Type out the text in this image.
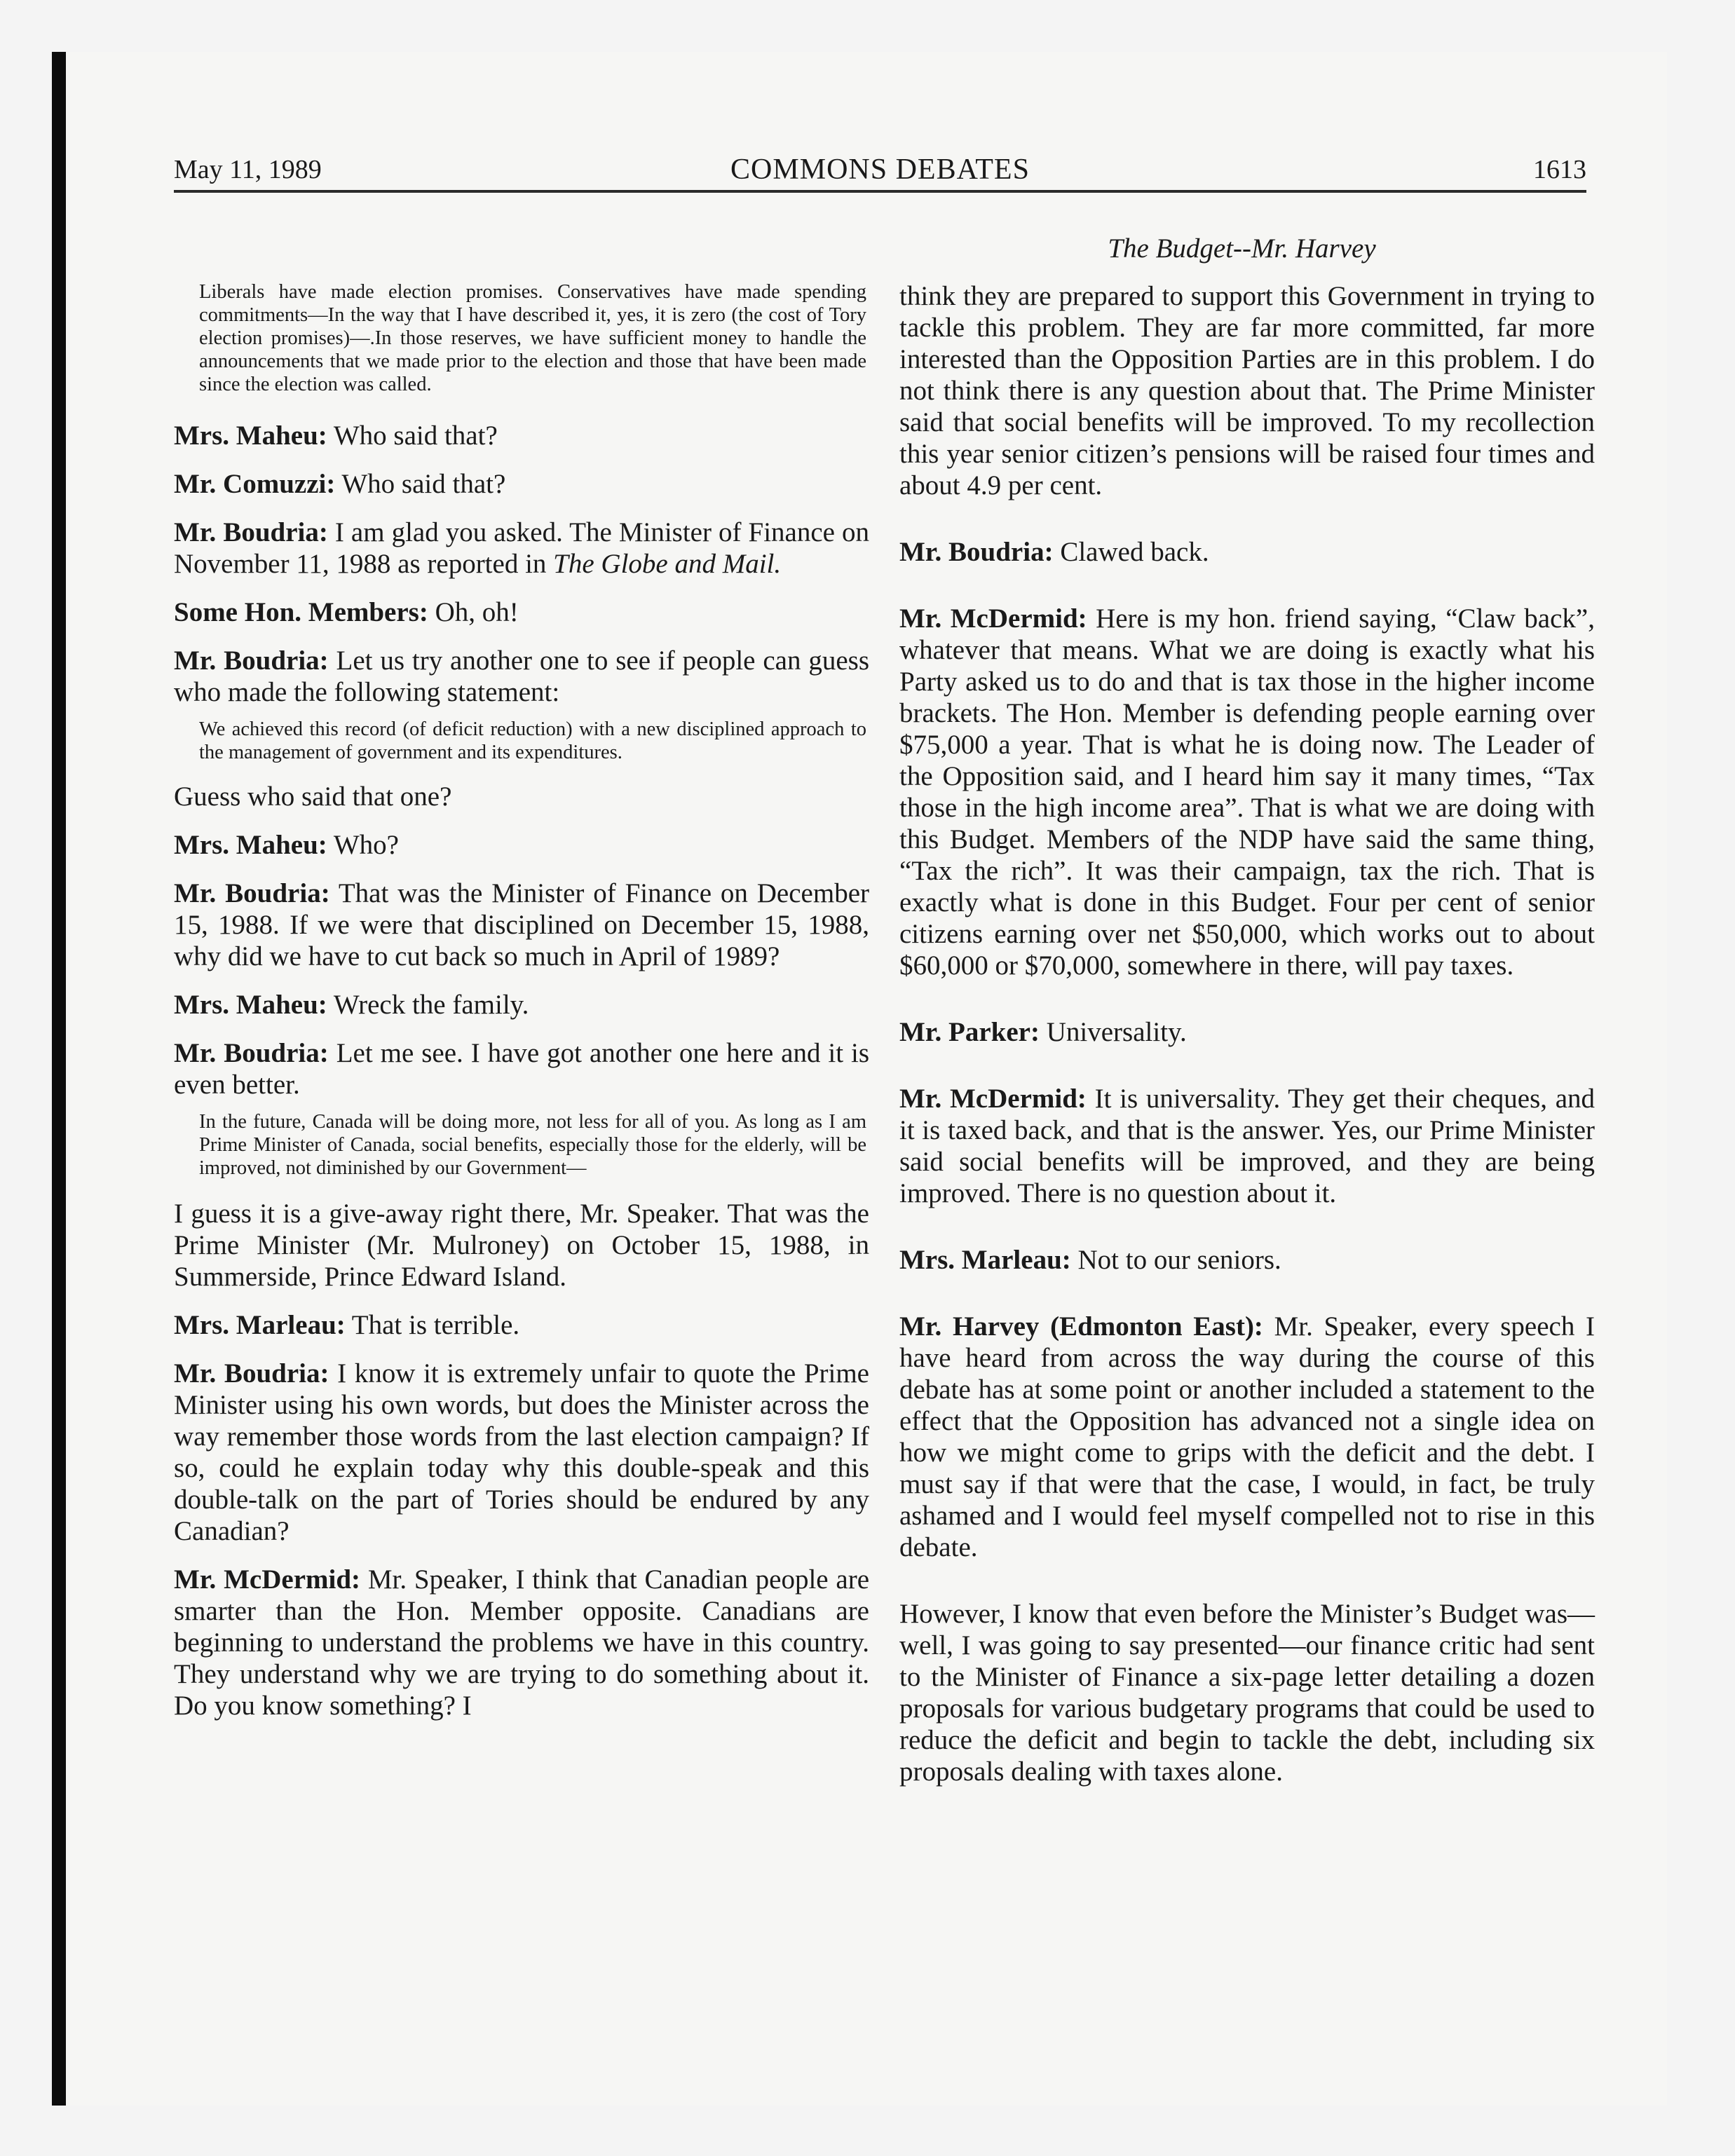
May 11, 1989	COMMONS DEBATES	1613
The Budget--Mr. Harvey

Liberals have made election promises. Conservatives have made spending commitments—In the way that I have described it, yes, it is zero (the cost of Tory election promises)—.In those reserves, we have sufficient money to handle the announcements that we made prior to the election and those that have been made since the election was called.

Mrs. Maheu: Who said that?

Mr. Comuzzi: Who said that?

Mr. Boudria: I am glad you asked. The Minister of Finance on November 11, 1988 as reported in The Globe and Mail.

Some Hon. Members: Oh, oh!

Mr. Boudria: Let us try another one to see if people can guess who made the following statement:

We achieved this record (of deficit reduction) with a new disciplined approach to the management of government and its expenditures.

Guess who said that one?

Mrs. Maheu: Who?

Mr. Boudria: That was the Minister of Finance on December 15, 1988. If we were that disciplined on December 15, 1988, why did we have to cut back so much in April of 1989?

Mrs. Maheu: Wreck the family.

Mr. Boudria: Let me see. I have got another one here and it is even better.

In the future, Canada will be doing more, not less for all of you. As long as I am Prime Minister of Canada, social benefits, especially those for the elderly, will be improved, not diminished by our Government—

I guess it is a give-away right there, Mr. Speaker. That was the Prime Minister (Mr. Mulroney) on October 15, 1988, in Summerside, Prince Edward Island.

Mrs. Marleau: That is terrible.

Mr. Boudria: I know it is extremely unfair to quote the Prime Minister using his own words, but does the Minister across the way remember those words from the last election campaign? If so, could he explain today why this double-speak and this double-talk on the part of Tories should be endured by any Canadian?

Mr. McDermid: Mr. Speaker, I think that Canadian people are smarter than the Hon. Member opposite. Canadians are beginning to understand the problems we have in this country. They understand why we are trying to do something about it. Do you know something? I

think they are prepared to support this Government in trying to tackle this problem. They are far more committed, far more interested than the Opposition Parties are in this problem. I do not think there is any question about that. The Prime Minister said that social benefits will be improved. To my recollection this year senior citizen’s pensions will be raised four times and about 4.9 per cent.

Mr. Boudria: Clawed back.

Mr. McDermid: Here is my hon. friend saying, “Claw back”, whatever that means. What we are doing is exactly what his Party asked us to do and that is tax those in the higher income brackets. The Hon. Member is defending people earning over $75,000 a year. That is what he is doing now. The Leader of the Opposition said, and I heard him say it many times, “Tax those in the high income area”. That is what we are doing with this Budget. Members of the NDP have said the same thing, “Tax the rich”. It was their campaign, tax the rich. That is exactly what is done in this Budget. Four per cent of senior citizens earning over net $50,000, which works out to about $60,000 or $70,000, somewhere in there, will pay taxes.

Mr. Parker: Universality.

Mr. McDermid: It is universality. They get their cheques, and it is taxed back, and that is the answer. Yes, our Prime Minister said social benefits will be improved, and they are being improved. There is no question about it.

Mrs. Marleau: Not to our seniors.

Mr. Harvey (Edmonton East): Mr. Speaker, every speech I have heard from across the way during the course of this debate has at some point or another included a statement to the effect that the Opposition has advanced not a single idea on how we might come to grips with the deficit and the debt. I must say if that were that the case, I would, in fact, be truly ashamed and I would feel myself compelled not to rise in this debate.

However, I know that even before the Minister’s Budget was—well, I was going to say presented—our finance critic had sent to the Minister of Finance a six-page letter detailing a dozen proposals for various budgetary programs that could be used to reduce the deficit and begin to tackle the debt, including six proposals dealing with taxes alone.
